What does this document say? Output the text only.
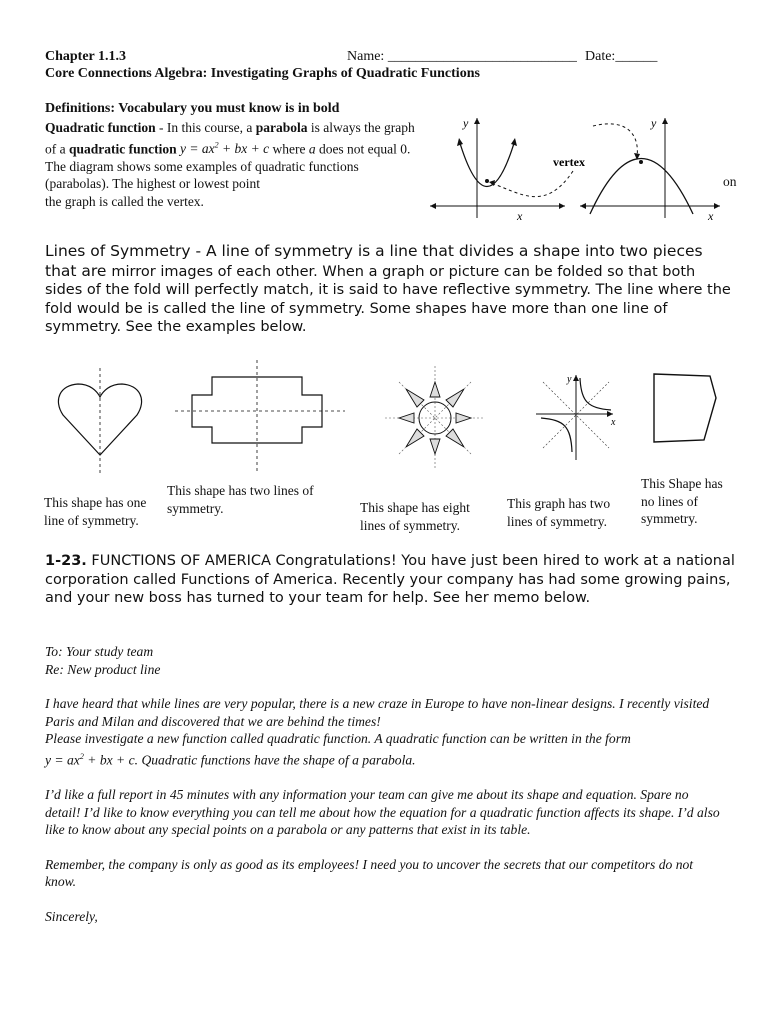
Chapter 1.1.3	Name: ___________________________ Date:______
Core Connections Algebra: Investigating Graphs of Quadratic Functions
Definitions: Vocabulary you must know is in bold
Quadratic function - In this course, a parabola is always the graph of a quadratic function $y = ax^2$ + bx + c where a does not equal 0. The diagram shows some examples of quadratic functions (parabolas). The highest or lowest point
the graph is called the vertex.
on
y
x
y
x
vertex
Lines of Symmetry - A line of symmetry is a line that divides a shape into two pieces that are mirror images of each other. When a graph or picture can be folded so that both sides of the fold will perfectly match, it is said to have reflective symmetry. The line where the fold would be is called the line of symmetry. Some shapes have more than one line of symmetry. See the examples below.
y
x
This shape has one line of symmetry.
This shape has two lines of symmetry.	This shape has eight lines of symmetry.
This graph has two lines of symmetry.
This Shape has no lines of symmetry.
1-23. FUNCTIONS OF AMERICA Congratulations! You have just been hired to work at a national corporation called Functions of America. Recently your company has had some growing pains, and your new boss has turned to your team for help. See her memo below.

To: Your study team

Re: New product line

I have heard that while lines are very popular, there is a new craze in Europe to have non-linear designs. I recently visited Paris and Milan and discovered that we are behind the times!

Please investigate a new function called quadratic function. A quadratic function can be written in the form
$y = ax^2$ + bx + c. Quadratic functions have the shape of a parabola.

I’d like a full report in 45 minutes with any information your team can give me about its shape and equation. Spare no detail! I’d like to know everything you can tell me about how the equation for a quadratic function affects its shape. I’d also like to know about any special points on a parabola or any patterns that exist in its table.

Remember, the company is only as good as its employees! I need you to uncover the secrets that our competitors do not know.

Sincerely,
